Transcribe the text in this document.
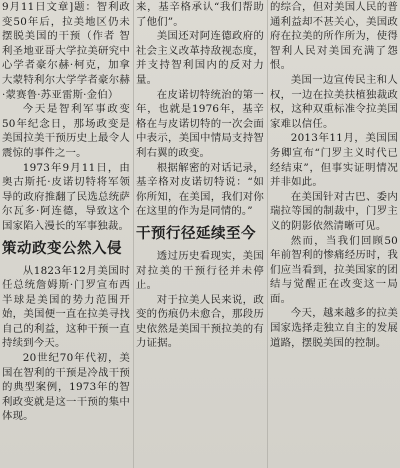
9月11日文章]题：智利政变50年后，拉美地区仍未摆脱美国的干预（作者 智利圣地亚哥大学拉美研究中心学者豪尔赫·柯克，加拿大蒙特利尔大学学者豪尔赫·蒙赛鲁·苏亚雷斯·金伯）

今天是智利军事政变50年纪念日，那场政变是美国拉美干预历史上最令人震惊的事件之一。

1973年9月11日，由奥古斯托·皮诺切特将军领导的政府推翻了民选总统萨尔瓦多·阿连德，导致这个国家陷入漫长的军事独裁。

策动政变公然入侵

从1823年12月美国时任总统詹姆斯·门罗宣布西半球是美国的势力范围开始，美国便一直在拉美寻找自己的利益，这种干预一直持续到今天。

20世纪70年代初，美国在智利的干预是冷战干预的典型案例，1973年的智利政变就是这一干预的集中体现。

来，基辛格承认“我们帮助了他们”。

美国还对阿连德政府的社会主义改革持敌视态度，并支持智利国内的反对力量。

在皮诺切特统治的第一年，也就是1976年，基辛格在与皮诺切特的一次会面中表示，美国中情局支持智利右翼的政变。

根据解密的对话记录，基辛格对皮诺切特说：“如你所知，在美国，我们对你在这里的作为是同情的。”

干预行径延续至今

透过历史看现实，美国对拉美的干预行径并未停止。

对于拉美人民来说，政变的伤痕仍未愈合，那段历史依然是美国干预拉美的有力证据。

的综合，但对美国人民的普通利益却不甚关心，美国政府在拉美的所作所为，使得智利人民对美国充满了怨恨。

美国一边宣传民主和人权，一边在拉美扶植独裁政权，这种双重标准令拉美国家难以信任。

2013年11月，美国国务卿宣布“门罗主义时代已经结束”，但事实证明情况并非如此。

在美国针对古巴、委内瑞拉等国的制裁中，门罗主义的阴影依然清晰可见。

然而，当我们回顾50年前智利的惨痛经历时，我们应当看到，拉美国家的团结与觉醒正在改变这一局面。

今天，越来越多的拉美国家选择走独立自主的发展道路，摆脱美国的控制。
